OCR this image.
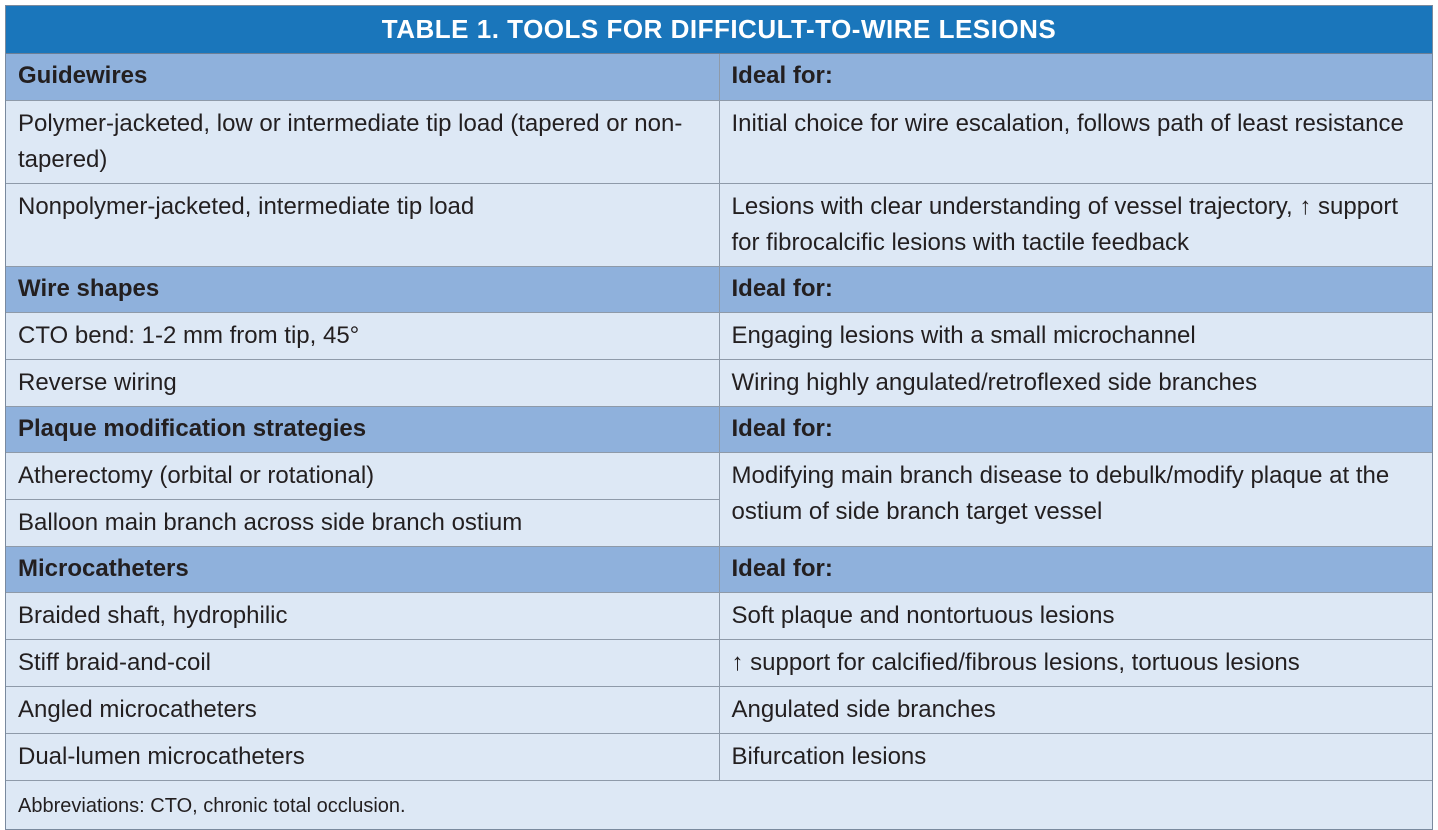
TABLE 1. TOOLS FOR DIFFICULT-TO-WIRE LESIONS
Guidewires	Ideal for:
Polymer-jacketed, low or intermediate tip load (tapered or non-tapered)	Initial choice for wire escalation, follows path of least resistance
Nonpolymer-jacketed, intermediate tip load	Lesions with clear understanding of vessel trajectory, ↑ support for fibrocalcific lesions with tactile feedback
Wire shapes	Ideal for:
CTO bend: 1-2 mm from tip, 45°	Engaging lesions with a small microchannel
Reverse wiring	Wiring highly angulated/retroflexed side branches
Plaque modification strategies	Ideal for:
Atherectomy (orbital or rotational)	Modifying main branch disease to debulk/modify plaque at the ostium of side branch target vessel
Balloon main branch across side branch ostium	
Microcatheters	Ideal for:
Braided shaft, hydrophilic	Soft plaque and nontortuous lesions
Stiff braid-and-coil	↑ support for calcified/fibrous lesions, tortuous lesions
Angled microcatheters	Angulated side branches
Dual-lumen microcatheters	Bifurcation lesions
Abbreviations: CTO, chronic total occlusion.	
